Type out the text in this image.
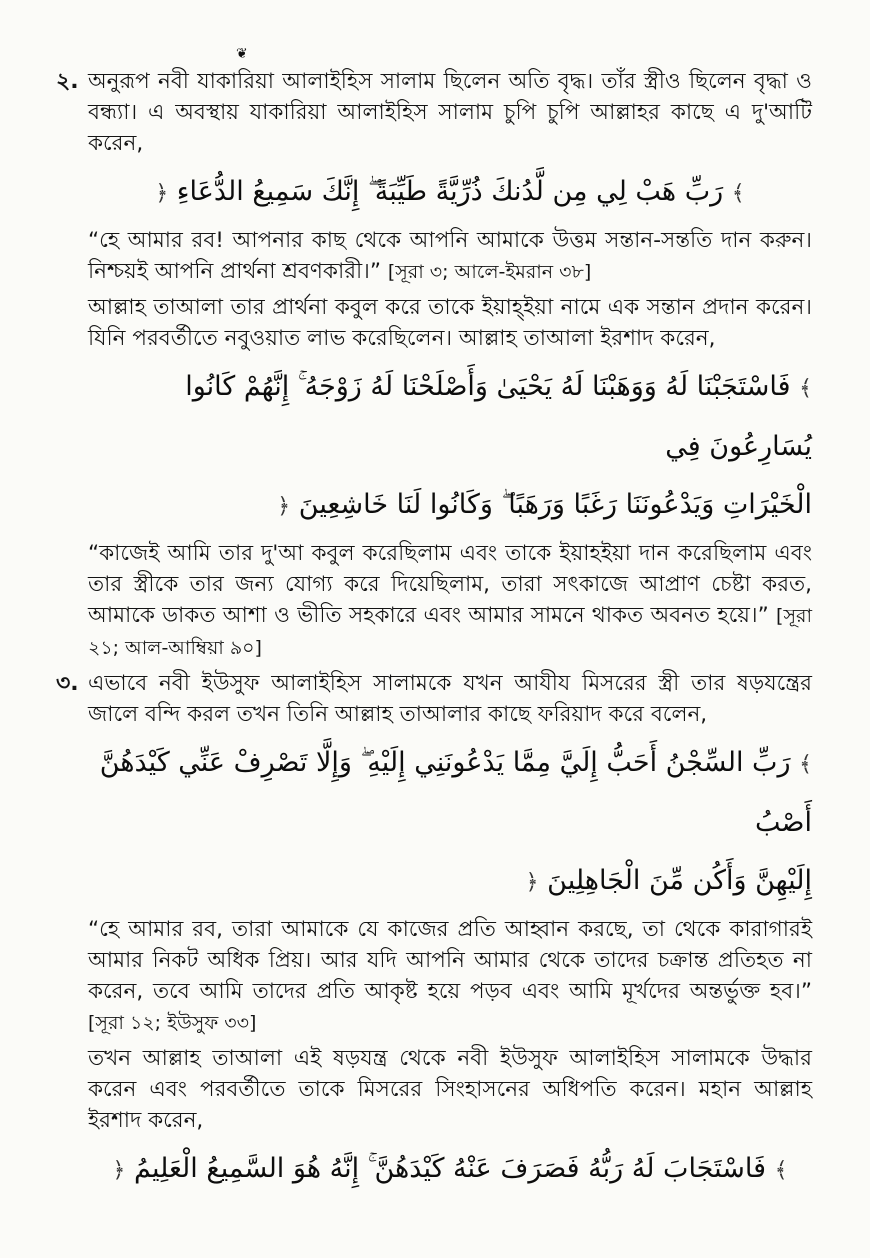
❦
২. অনুরূপ নবী যাকারিয়া আলাইহিস সালাম ছিলেন অতি বৃদ্ধ। তাঁর স্ত্রীও ছিলেন বৃদ্ধা ও বন্ধ্যা। এ অবস্থায় যাকারিয়া আলাইহিস সালাম চুপি চুপি আল্লাহর কাছে এ দু'আটি করেন,

﴾ رَبِّ هَبْ لِي مِن لَّدُنكَ ذُرِّيَّةً طَيِّبَةً ۖ إِنَّكَ سَمِيعُ الدُّعَاءِ ﴿

“হে আমার রব! আপনার কাছ থেকে আপনি আমাকে উত্তম সন্তান-সন্ততি দান করুন। নিশ্চয়ই আপনি প্রার্থনা শ্রবণকারী।” [সূরা ৩; আলে-ইমরান ৩৮]

আল্লাহ তাআলা তার প্রার্থনা কবুল করে তাকে ইয়াহ্ইয়া নামে এক সন্তান প্রদান করেন। যিনি পরবর্তীতে নবুওয়াত লাভ করেছিলেন। আল্লাহ তাআলা ইরশাদ করেন,

﴾ فَاسْتَجَبْنَا لَهُ وَوَهَبْنَا لَهُ يَحْيَىٰ وَأَصْلَحْنَا لَهُ زَوْجَهُ ۚ إِنَّهُمْ كَانُوا يُسَارِعُونَ فِي
الْخَيْرَاتِ وَيَدْعُونَنَا رَغَبًا وَرَهَبًا ۖ وَكَانُوا لَنَا خَاشِعِينَ ﴿

“কাজেই আমি তার দু'আ কবুল করেছিলাম এবং তাকে ইয়াহইয়া দান করেছিলাম এবং তার স্ত্রীকে তার জন্য যোগ্য করে দিয়েছিলাম, তারা সৎকাজে আপ্রাণ চেষ্টা করত, আমাকে ডাকত আশা ও ভীতি সহকারে এবং আমার সামনে থাকত অবনত হয়ে।” [সূরা ২১; আল-আম্বিয়া ৯০]

৩. এভাবে নবী ইউসুফ আলাইহিস সালামকে যখন আযীয মিসরের স্ত্রী তার ষড়যন্ত্রের জালে বন্দি করল তখন তিনি আল্লাহ তাআলার কাছে ফরিয়াদ করে বলেন,

﴾ رَبِّ السِّجْنُ أَحَبُّ إِلَيَّ مِمَّا يَدْعُونَنِي إِلَيْهِ ۖ وَإِلَّا تَصْرِفْ عَنِّي كَيْدَهُنَّ أَصْبُ
إِلَيْهِنَّ وَأَكُن مِّنَ الْجَاهِلِينَ ﴿

“হে আমার রব, তারা আমাকে যে কাজের প্রতি আহ্বান করছে, তা থেকে কারাগারই আমার নিকট অধিক প্রিয়। আর যদি আপনি আমার থেকে তাদের চক্রান্ত প্রতিহত না করেন, তবে আমি তাদের প্রতি আকৃষ্ট হয়ে পড়ব এবং আমি মূর্খদের অন্তর্ভুক্ত হব।” [সূরা ১২; ইউসুফ ৩৩]

তখন আল্লাহ তাআলা এই ষড়যন্ত্র থেকে নবী ইউসুফ আলাইহিস সালামকে উদ্ধার করেন এবং পরবর্তীতে তাকে মিসরের সিংহাসনের অধিপতি করেন। মহান আল্লাহ ইরশাদ করেন,

﴾ فَاسْتَجَابَ لَهُ رَبُّهُ فَصَرَفَ عَنْهُ كَيْدَهُنَّ ۚ إِنَّهُ هُوَ السَّمِيعُ الْعَلِيمُ ﴿
